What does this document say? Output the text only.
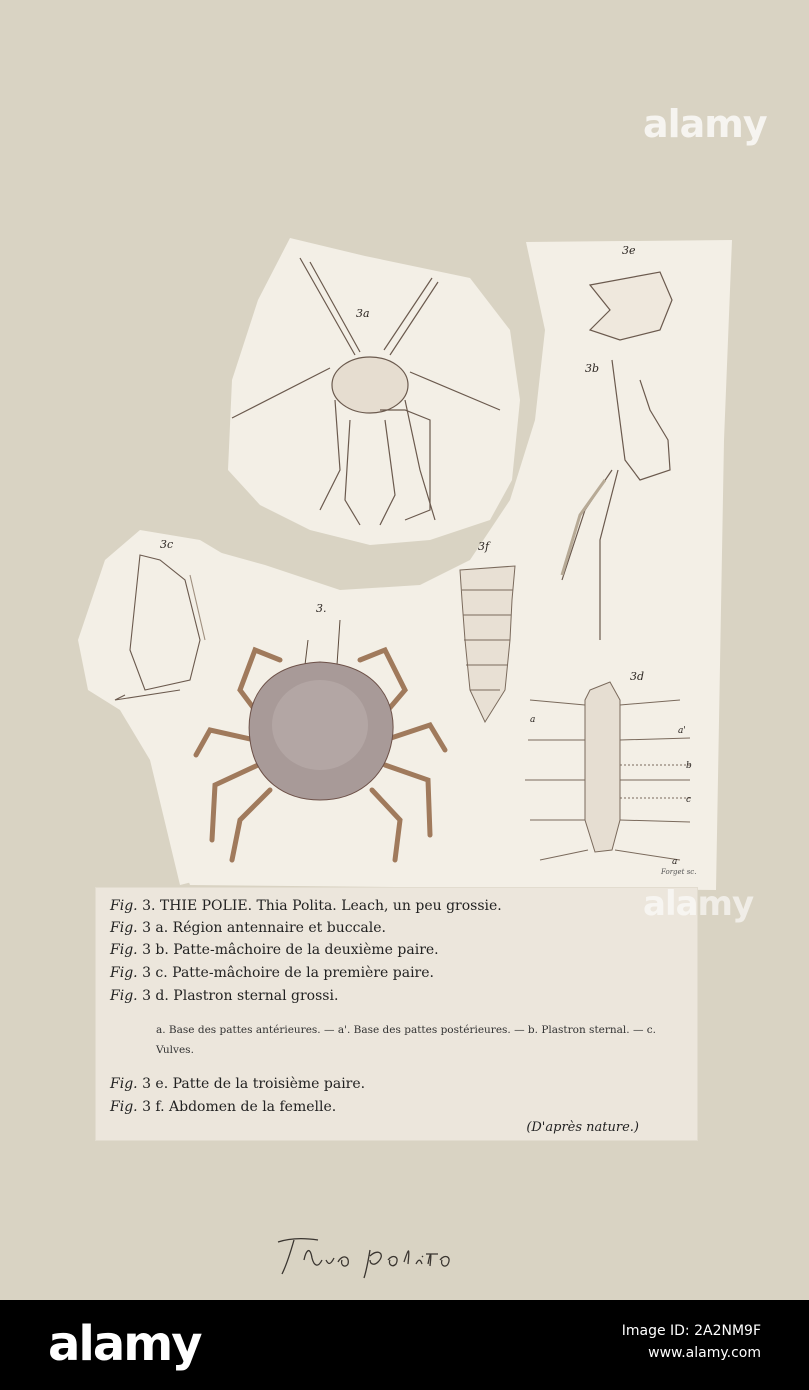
3a
3e
3b
3c	3f
3.
3d
a
a'
b
c
a
Forget sc.
Fig. 3. THIE POLIE. Thia Polita. Leach, un peu grossie.
Fig. 3 a. Région antennaire et buccale.
Fig. 3 b. Patte-mâchoire de la deuxième paire.
Fig. 3 c. Patte-mâchoire de la première paire.
Fig. 3 d. Plastron sternal grossi.
a. Base des pattes antérieures. — a'. Base des pattes postérieures. — b. Plastron sternal. — c. Vulves.
Fig. 3 e. Patte de la troisième paire.
Fig. 3 f. Abdomen de la femelle.
(D'après nature.)
alamy
alamy
alamy	Image ID: 2A2NM9F
www.alamy.com
